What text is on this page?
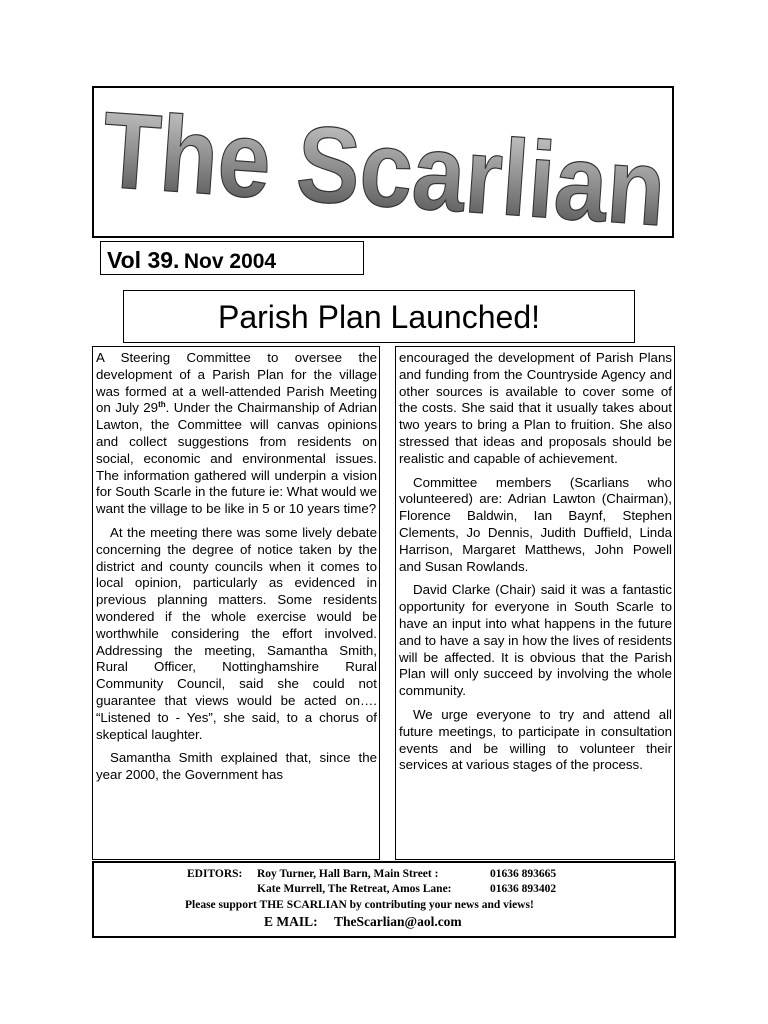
The Scarlian
Vol 39. Nov 2004
Parish Plan Launched!

A Steering Committee to oversee the development of a Parish Plan for the village was formed at a well-attended Parish Meeting on July 29th. Under the Chairmanship of Adrian Lawton, the Committee will canvas opinions and collect suggestions from residents on social, economic and environmental issues. The information gathered will underpin a vision for South Scarle in the future ie: What would we want the village to be like in 5 or 10 years time?

At the meeting there was some lively debate concerning the degree of notice taken by the district and county councils when it comes to local opinion, particularly as evidenced in previous planning matters. Some residents wondered if the whole exercise would be worthwhile considering the effort involved. Addressing the meeting, Samantha Smith, Rural Officer, Nottinghamshire Rural Community Council, said she could not guarantee that views would be acted on…. “Listened to - Yes”, she said, to a chorus of skeptical laughter.

Samantha Smith explained that, since the year 2000, the Government has

encouraged the development of Parish Plans and funding from the Countryside Agency and other sources is available to cover some of the costs. She said that it usually takes about two years to bring a Plan to fruition. She also stressed that ideas and proposals should be realistic and capable of achievement.

Committee members (Scarlians who volunteered) are: Adrian Lawton (Chairman), Florence Baldwin, Ian Baynf, Stephen Clements, Jo Dennis, Judith Duffield, Linda Harrison, Margaret Matthews, John Powell and Susan Rowlands.

David Clarke (Chair) said it was a fantastic opportunity for everyone in South Scarle to have an input into what happens in the future and to have a say in how the lives of residents will be affected. It is obvious that the Parish Plan will only succeed by involving the whole community.

We urge everyone to try and attend all future meetings, to participate in consultation events and be willing to volunteer their services at various stages of the process.

EDITORS: Roy Turner, Hall Barn, Main Street :	01636 893665
Kate Murrell, The Retreat, Amos Lane:	01636 893402
Please support THE SCARLIAN by contributing your news and views!
E MAIL: TheScarlian@aol.com
